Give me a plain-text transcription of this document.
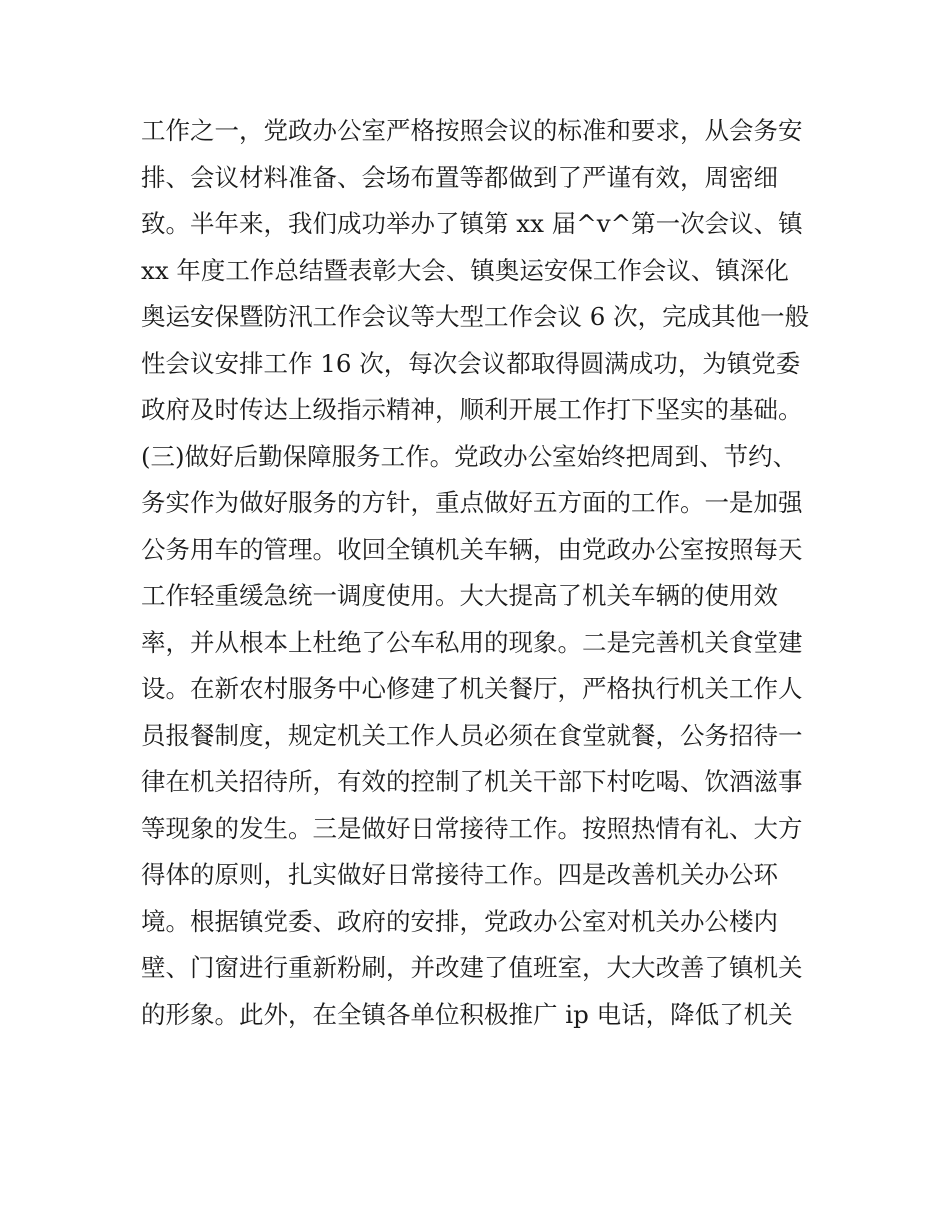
工作之一，党政办公室严格按照会议的标准和要求，从会务安
排、会议材料准备、会场布置等都做到了严谨有效，周密细
致。半年来，我们成功举办了镇第 xx 届^v^第一次会议、镇
xx 年度工作总结暨表彰大会、镇奥运安保工作会议、镇深化
奥运安保暨防汛工作会议等大型工作会议 6 次，完成其他一般
性会议安排工作 16 次，每次会议都取得圆满成功，为镇党委
政府及时传达上级指示精神，顺利开展工作打下坚实的基础。
(三)做好后勤保障服务工作。党政办公室始终把周到、节约、
务实作为做好服务的方针，重点做好五方面的工作。一是加强
公务用车的管理。收回全镇机关车辆，由党政办公室按照每天
工作轻重缓急统一调度使用。大大提高了机关车辆的使用效
率，并从根本上杜绝了公车私用的现象。二是完善机关食堂建
设。在新农村服务中心修建了机关餐厅，严格执行机关工作人
员报餐制度，规定机关工作人员必须在食堂就餐，公务招待一
律在机关招待所，有效的控制了机关干部下村吃喝、饮酒滋事
等现象的发生。三是做好日常接待工作。按照热情有礼、大方
得体的原则，扎实做好日常接待工作。四是改善机关办公环
境。根据镇党委、政府的安排，党政办公室对机关办公楼内
壁、门窗进行重新粉刷，并改建了值班室，大大改善了镇机关
的形象。此外，在全镇各单位积极推广 ip 电话，降低了机关
